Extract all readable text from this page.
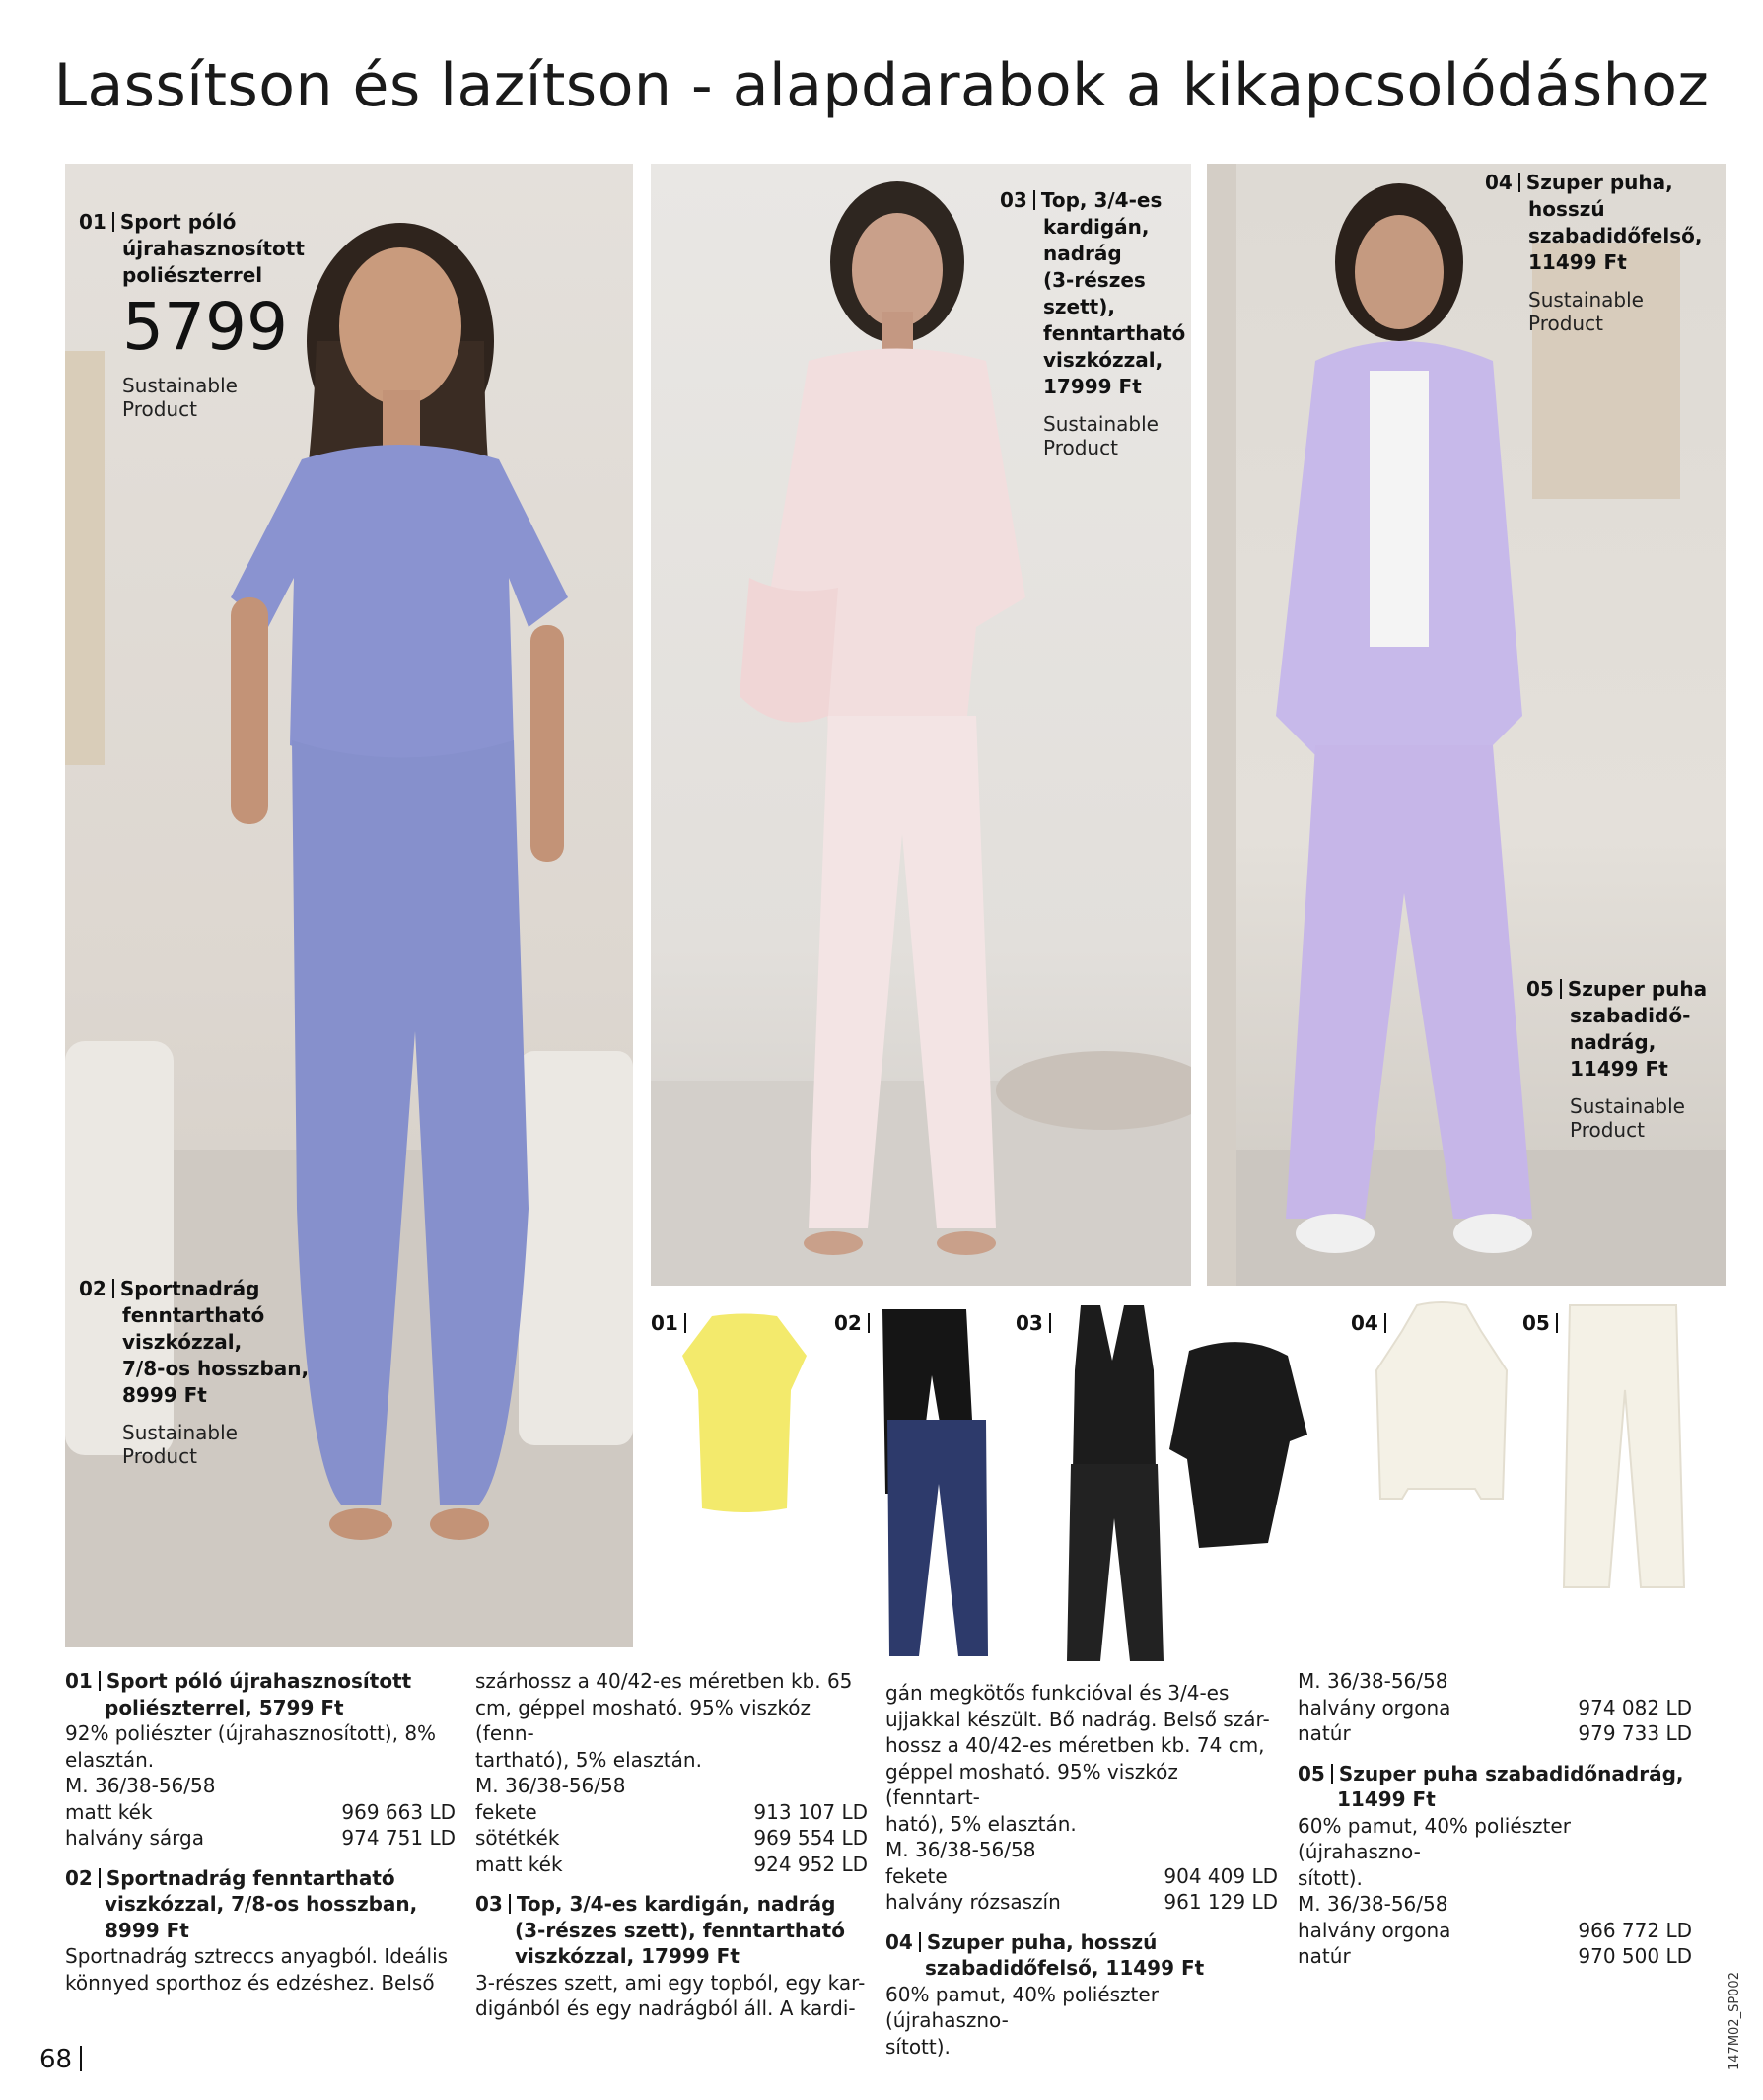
Lassítson és lazítson - alapdarabok a kikapcsolódáshoz
01 Sport póló
újrahasznosított
poliészterrel
5799
Sustainable
Product
02 Sportnadrág
fenntartható
viszkózzal,
7/8-os hosszban,
8999 Ft
Sustainable
Product
03 Top, 3/4-es
kardigán,
nadrág
(3-részes
szett),
fenntartható
viszkózzal,
17999 Ft
Sustainable
Product
04 Szuper puha,
hosszú
szabadidőfelső,
11499 Ft
Sustainable
Product
05 Szuper puha
szabadidő-
nadrág,
11499 Ft
Sustainable
Product
01	02	03	04	05
01 Sport póló újrahasznosított
poliészterrel, 5799 Ft

92% poliészter (újrahasznosított), 8%

elasztán.

M. 36/38-56/58

matt kék	969 663 LD
halvány sárga	974 751 LD
02 Sportnadrág fenntartható
viszkózzal, 7/8-os hosszban,
8999 Ft

Sportnadrág sztreccs anyagból. Ideális

könnyed sporthoz és edzéshez. Belső

szárhossz a 40/42-es méretben kb. 65

cm, géppel mosható. 95% viszkóz (fenn-

tartható), 5% elasztán.

M. 36/38-56/58

fekete	913 107 LD
sötétkék	969 554 LD
matt kék	924 952 LD
03 Top, 3/4-es kardigán, nadrág
(3-részes szett), fenntartható
viszkózzal, 17999 Ft

3-részes szett, ami egy topból, egy kar-

digánból és egy nadrágból áll. A kardi-

gán megkötős funkcióval és 3/4-es

ujjakkal készült. Bő nadrág. Belső szár-

hossz a 40/42-es méretben kb. 74 cm,

géppel mosható. 95% viszkóz (fenntart-

ható), 5% elasztán.

M. 36/38-56/58

fekete	904 409 LD
halvány rózsaszín	961 129 LD
04 Szuper puha, hosszú
szabadidőfelső, 11499 Ft

60% pamut, 40% poliészter (újrahaszno-

sított).

M. 36/38-56/58

halvány orgona	974 082 LD
natúr	979 733 LD
05 Szuper puha szabadidőnadrág,
11499 Ft

60% pamut, 40% poliészter (újrahaszno-

sított).

M. 36/38-56/58

halvány orgona	966 772 LD
natúr	970 500 LD
68	147M02_SP002
